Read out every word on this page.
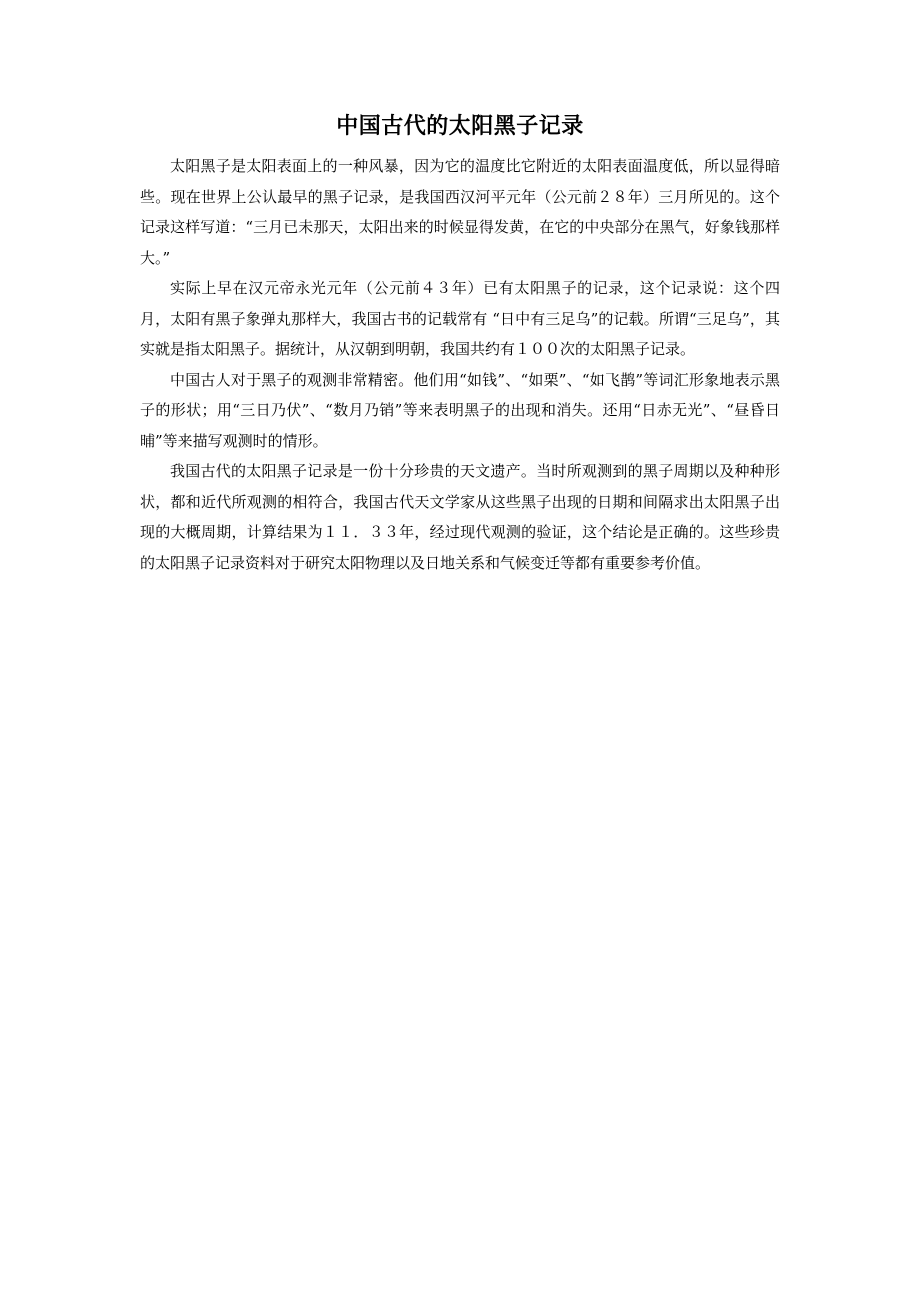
中国古代的太阳黑子记录

太阳黑子是太阳表面上的一种风暴，因为它的温度比它附近的太阳表面温度低，所以显得暗些。现在世界上公认最早的黑子记录，是我国西汉河平元年（公元前２８年）三月所见的。这个记录这样写道：“三月已未那天，太阳出来的时候显得发黄，在它的中央部分在黑气，好象钱那样大。”

实际上早在汉元帝永光元年（公元前４３年）已有太阳黑子的记录，这个记录说：这个四月，太阳有黑子象弹丸那样大，我国古书的记载常有 “日中有三足乌”的记载。所谓“三足乌”，其实就是指太阳黑子。据统计，从汉朝到明朝，我国共约有１００次的太阳黑子记录。

中国古人对于黑子的观测非常精密。他们用“如钱”、“如栗”、“如飞鹊”等词汇形象地表示黑子的形状；用“三日乃伏”、“数月乃销”等来表明黑子的出现和消失。还用“日赤无光”、“昼昏日晡”等来描写观测时的情形。

我国古代的太阳黑子记录是一份十分珍贵的天文遗产。当时所观测到的黑子周期以及种种形状，都和近代所观测的相符合，我国古代天文学家从这些黑子出现的日期和间隔求出太阳黑子出现的大概周期，计算结果为１１．３３年，经过现代观测的验证，这个结论是正确的。这些珍贵的太阳黑子记录资料对于研究太阳物理以及日地关系和气候变迁等都有重要参考价值。
